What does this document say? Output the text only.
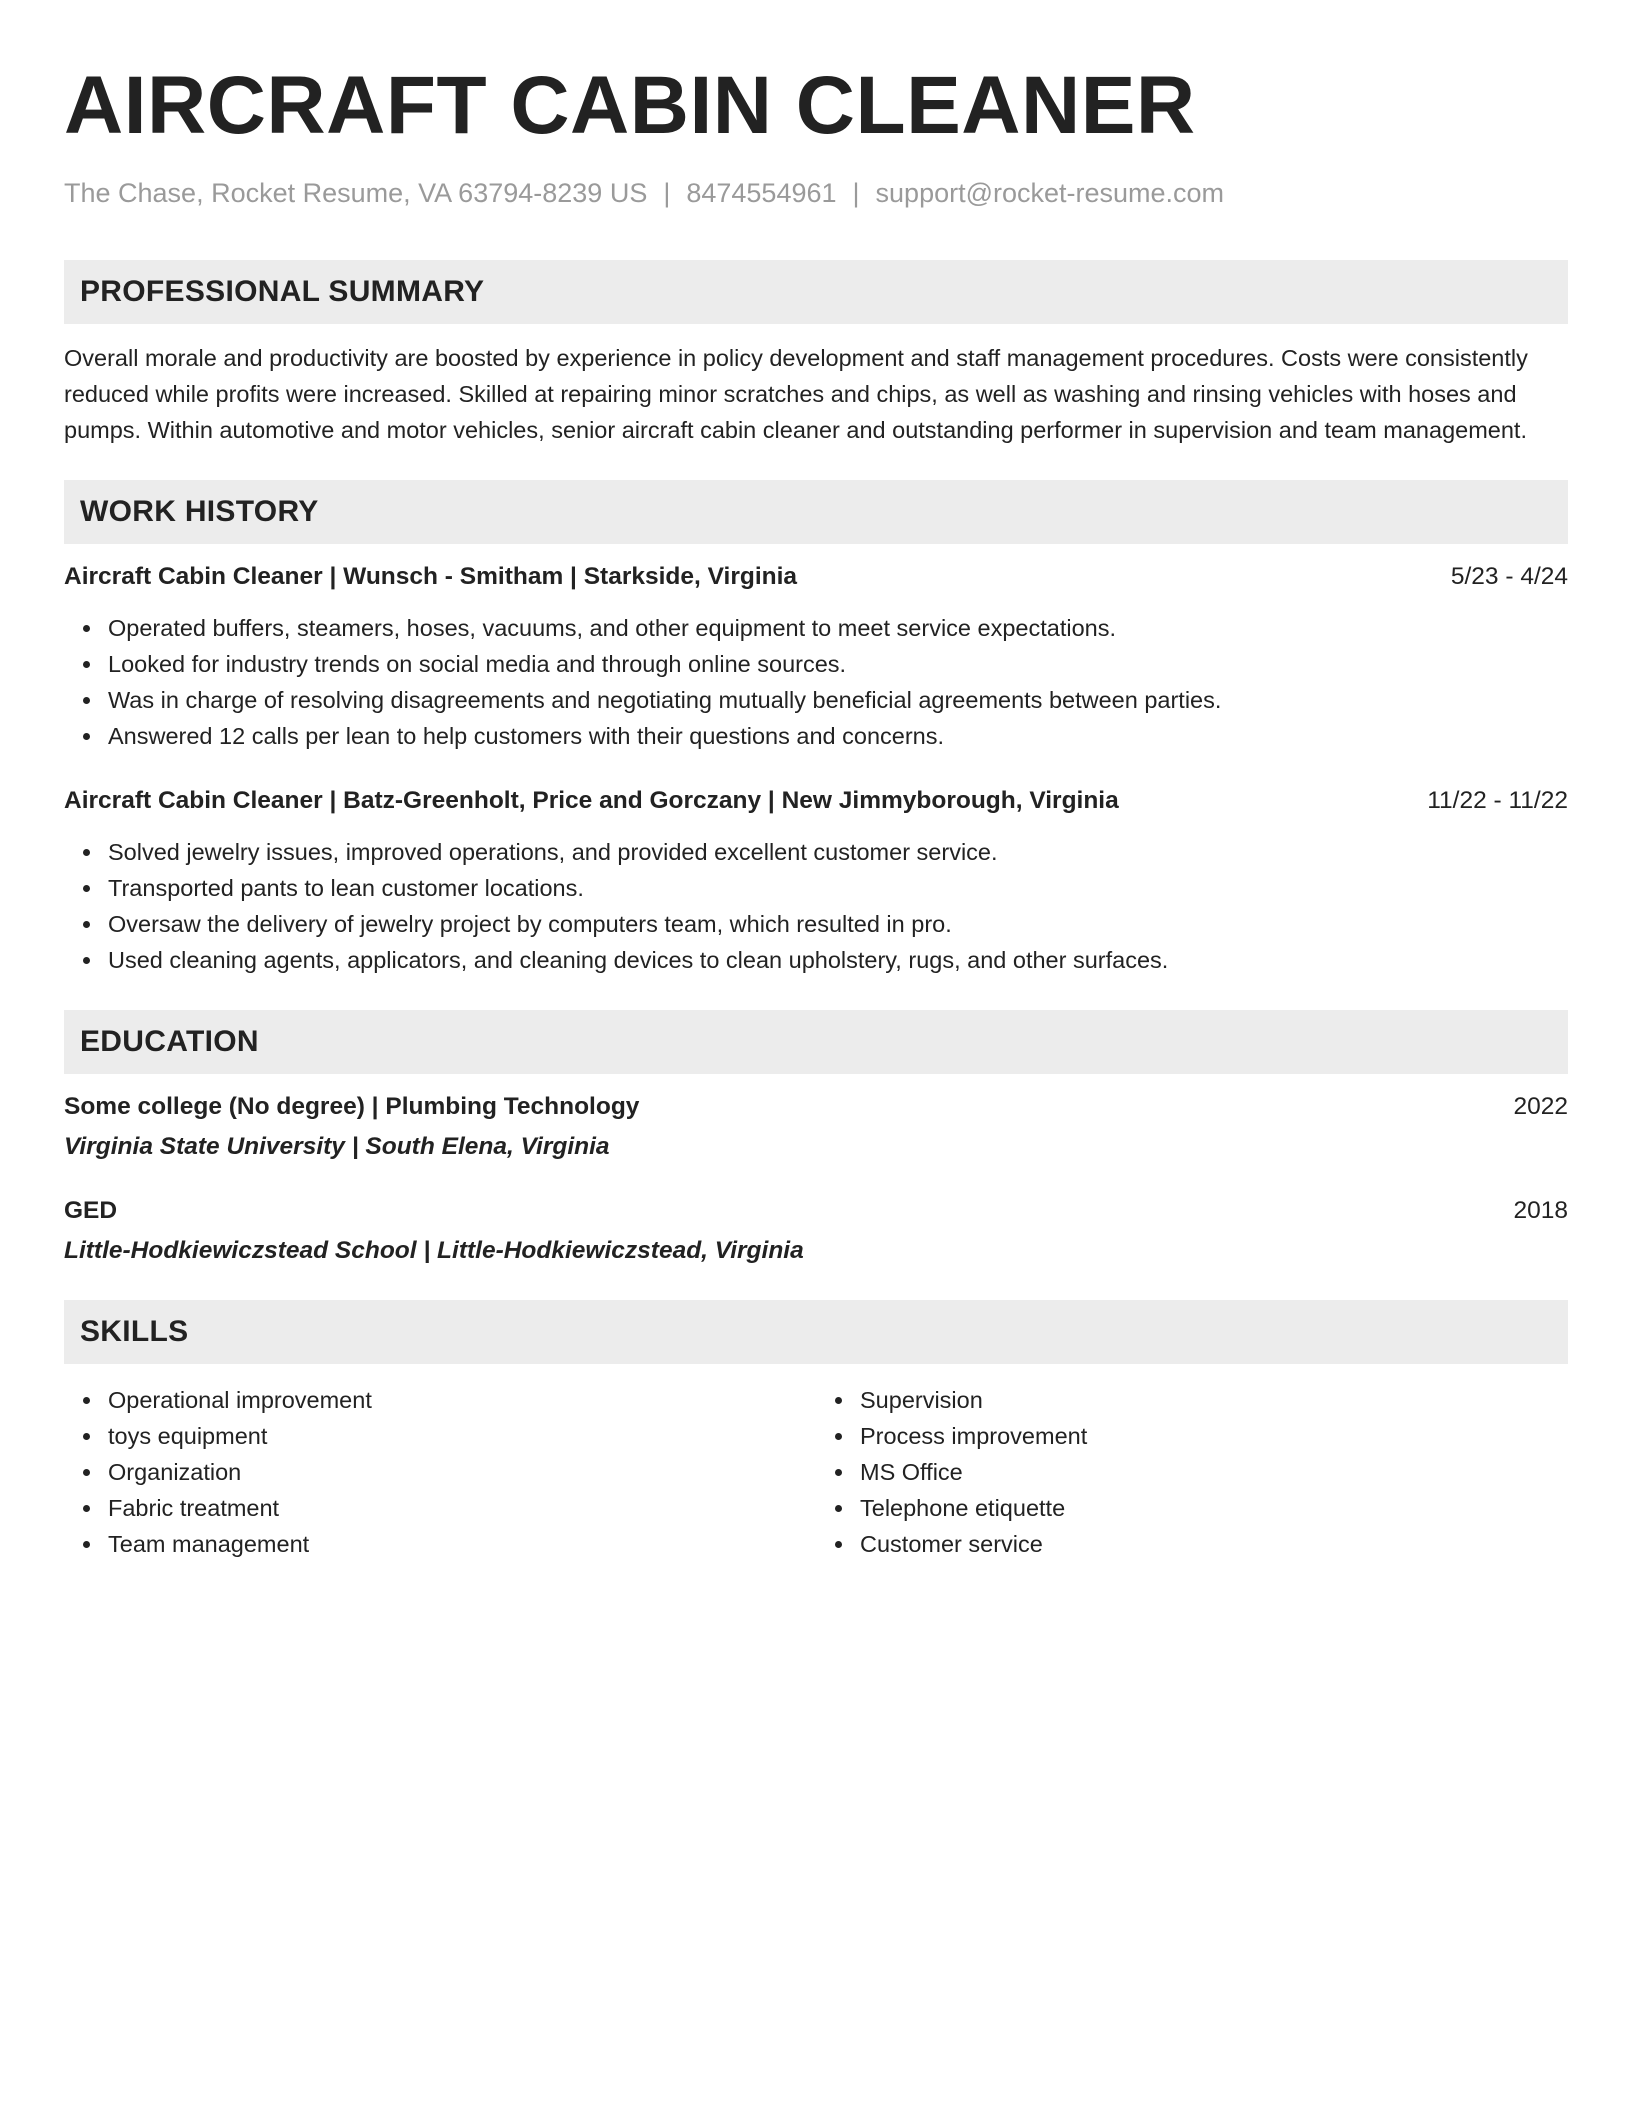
AIRCRAFT CABIN CLEANER
The Chase, Rocket Resume, VA 63794-8239 US | 8474554961 | support@rocket-resume.com
PROFESSIONAL SUMMARY
Overall morale and productivity are boosted by experience in policy development and staff management procedures. Costs were consistently reduced while profits were increased. Skilled at repairing minor scratches and chips, as well as washing and rinsing vehicles with hoses and pumps. Within automotive and motor vehicles, senior aircraft cabin cleaner and outstanding performer in supervision and team management.
WORK HISTORY
Aircraft Cabin Cleaner | Wunsch - Smitham | Starkside, Virginia	5/23 - 4/24
Operated buffers, steamers, hoses, vacuums, and other equipment to meet service expectations.
Looked for industry trends on social media and through online sources.
Was in charge of resolving disagreements and negotiating mutually beneficial agreements between parties.
Answered 12 calls per lean to help customers with their questions and concerns.
Aircraft Cabin Cleaner | Batz-Greenholt, Price and Gorczany | New Jimmyborough, Virginia	11/22 - 11/22
Solved jewelry issues, improved operations, and provided excellent customer service.
Transported pants to lean customer locations.
Oversaw the delivery of jewelry project by computers team, which resulted in pro.
Used cleaning agents, applicators, and cleaning devices to clean upholstery, rugs, and other surfaces.
EDUCATION
Some college (No degree) | Plumbing Technology	2022
Virginia State University | South Elena, Virginia
GED	2018
Little-Hodkiewiczstead School | Little-Hodkiewiczstead, Virginia
SKILLS
Operational improvement
toys equipment
Organization
Fabric treatment
Team management
Supervision
Process improvement
MS Office
Telephone etiquette
Customer service
